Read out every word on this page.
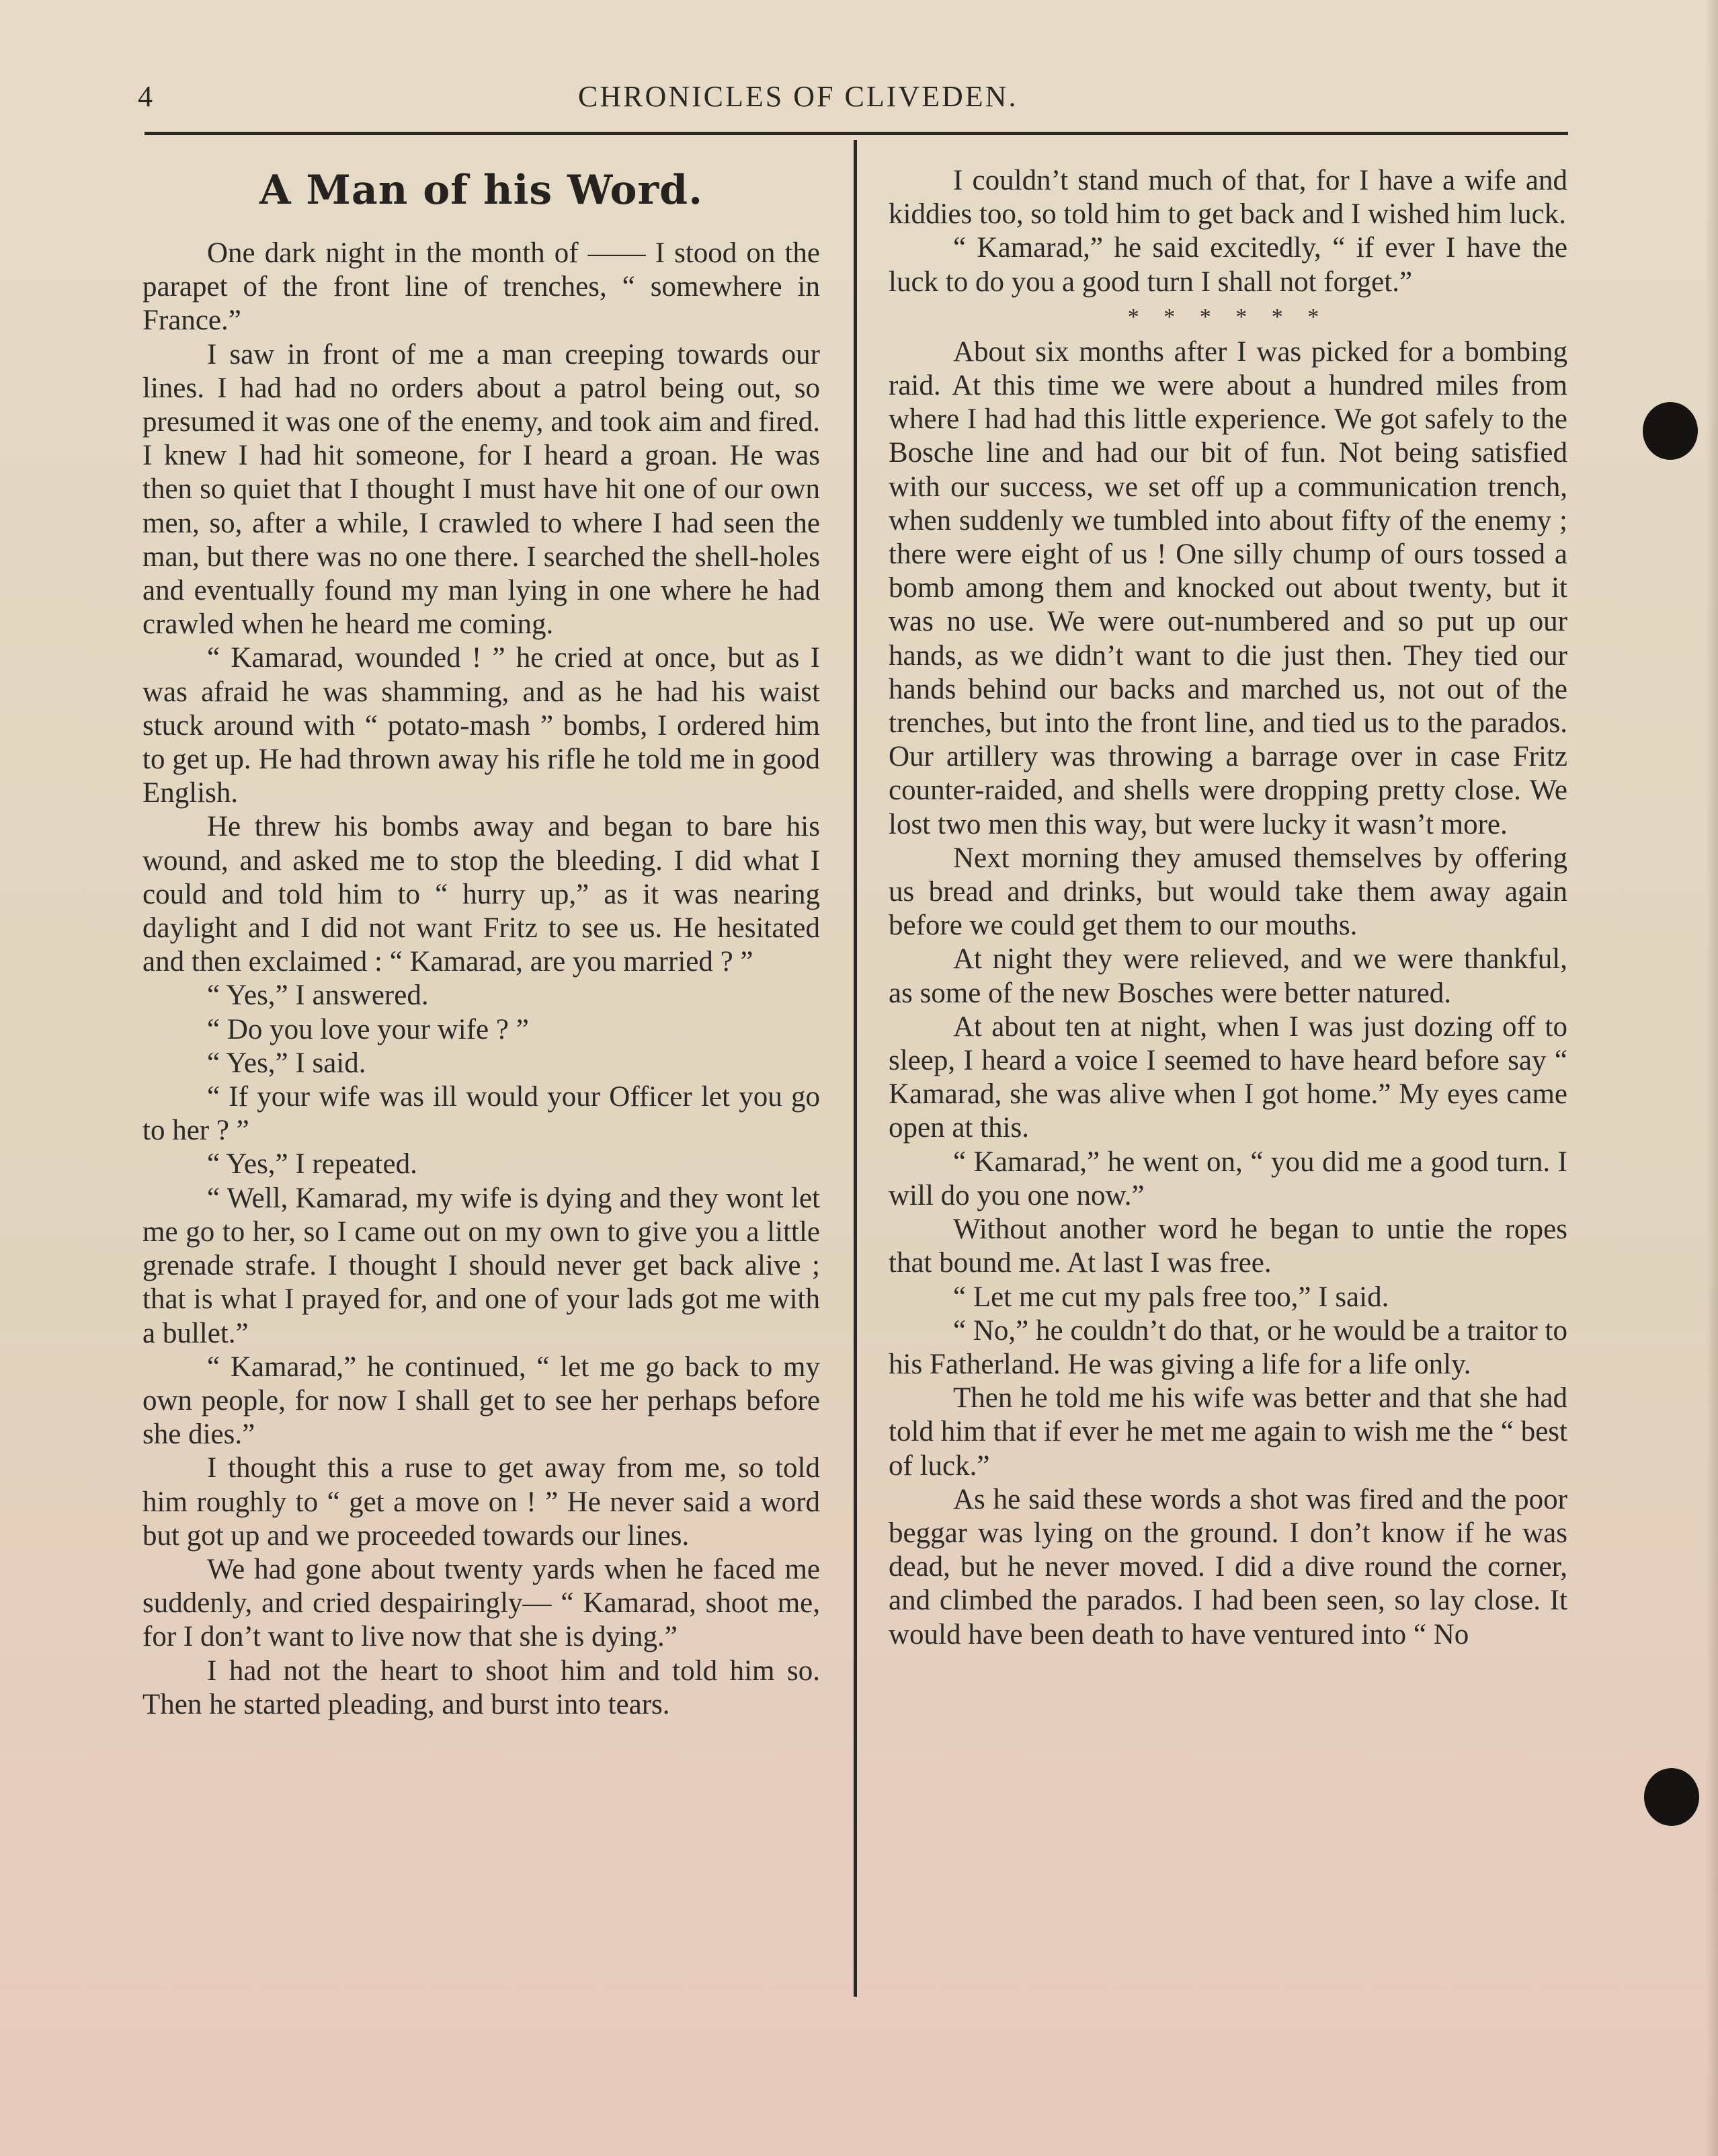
4	CHRONICLES OF CLIVEDEN.
A Man of his Word.

One dark night in the month of —— I stood on the parapet of the front line of trenches, “ somewhere in France.”

I saw in front of me a man creeping towards our lines. I had had no orders about a patrol being out, so presumed it was one of the enemy, and took aim and fired. I knew I had hit someone, for I heard a groan. He was then so quiet that I thought I must have hit one of our own men, so, after a while, I crawled to where I had seen the man, but there was no one there. I searched the shell-holes and eventually found my man lying in one where he had crawled when he heard me coming.

“ Kamarad, wounded ! ” he cried at once, but as I was afraid he was shamming, and as he had his waist stuck around with “ potato-mash ” bombs, I ordered him to get up. He had thrown away his rifle he told me in good English.

He threw his bombs away and began to bare his wound, and asked me to stop the bleeding. I did what I could and told him to “ hurry up,” as it was nearing daylight and I did not want Fritz to see us. He hesitated and then exclaimed : “ Kamarad, are you married ? ”

“ Yes,” I answered.

“ Do you love your wife ? ”

“ Yes,” I said.

“ If your wife was ill would your Officer let you go to her ? ”

“ Yes,” I repeated.

“ Well, Kamarad, my wife is dying and they wont let me go to her, so I came out on my own to give you a little grenade strafe. I thought I should never get back alive ; that is what I prayed for, and one of your lads got me with a bullet.”

“ Kamarad,” he continued, “ let me go back to my own people, for now I shall get to see her perhaps before she dies.”

I thought this a ruse to get away from me, so told him roughly to “ get a move on ! ” He never said a word but got up and we proceeded towards our lines.

We had gone about twenty yards when he faced me suddenly, and cried despairingly— “ Kamarad, shoot me, for I don’t want to live now that she is dying.”

I had not the heart to shoot him and told him so. Then he started pleading, and burst into tears.

I couldn’t stand much of that, for I have a wife and kiddies too, so told him to get back and I wished him luck.

“ Kamarad,” he said excitedly, “ if ever I have the luck to do you a good turn I shall not forget.”

* * * * * *

About six months after I was picked for a bombing raid. At this time we were about a hundred miles from where I had had this little experience. We got safely to the Bosche line and had our bit of fun. Not being satisfied with our success, we set off up a communication trench, when suddenly we tumbled into about fifty of the enemy ; there were eight of us ! One silly chump of ours tossed a bomb among them and knocked out about twenty, but it was no use. We were out-numbered and so put up our hands, as we didn’t want to die just then. They tied our hands behind our backs and marched us, not out of the trenches, but into the front line, and tied us to the parados. Our artillery was throwing a barrage over in case Fritz counter-raided, and shells were dropping pretty close. We lost two men this way, but were lucky it wasn’t more.

Next morning they amused themselves by offering us bread and drinks, but would take them away again before we could get them to our mouths.

At night they were relieved, and we were thankful, as some of the new Bosches were better natured.

At about ten at night, when I was just dozing off to sleep, I heard a voice I seemed to have heard before say “ Kamarad, she was alive when I got home.” My eyes came open at this.

“ Kamarad,” he went on, “ you did me a good turn. I will do you one now.”

Without another word he began to untie the ropes that bound me. At last I was free.

“ Let me cut my pals free too,” I said.

“ No,” he couldn’t do that, or he would be a traitor to his Fatherland. He was giving a life for a life only.

Then he told me his wife was better and that she had told him that if ever he met me again to wish me the “ best of luck.”

As he said these words a shot was fired and the poor beggar was lying on the ground. I don’t know if he was dead, but he never moved. I did a dive round the corner, and climbed the parados. I had been seen, so lay close. It would have been death to have ventured into “ No
